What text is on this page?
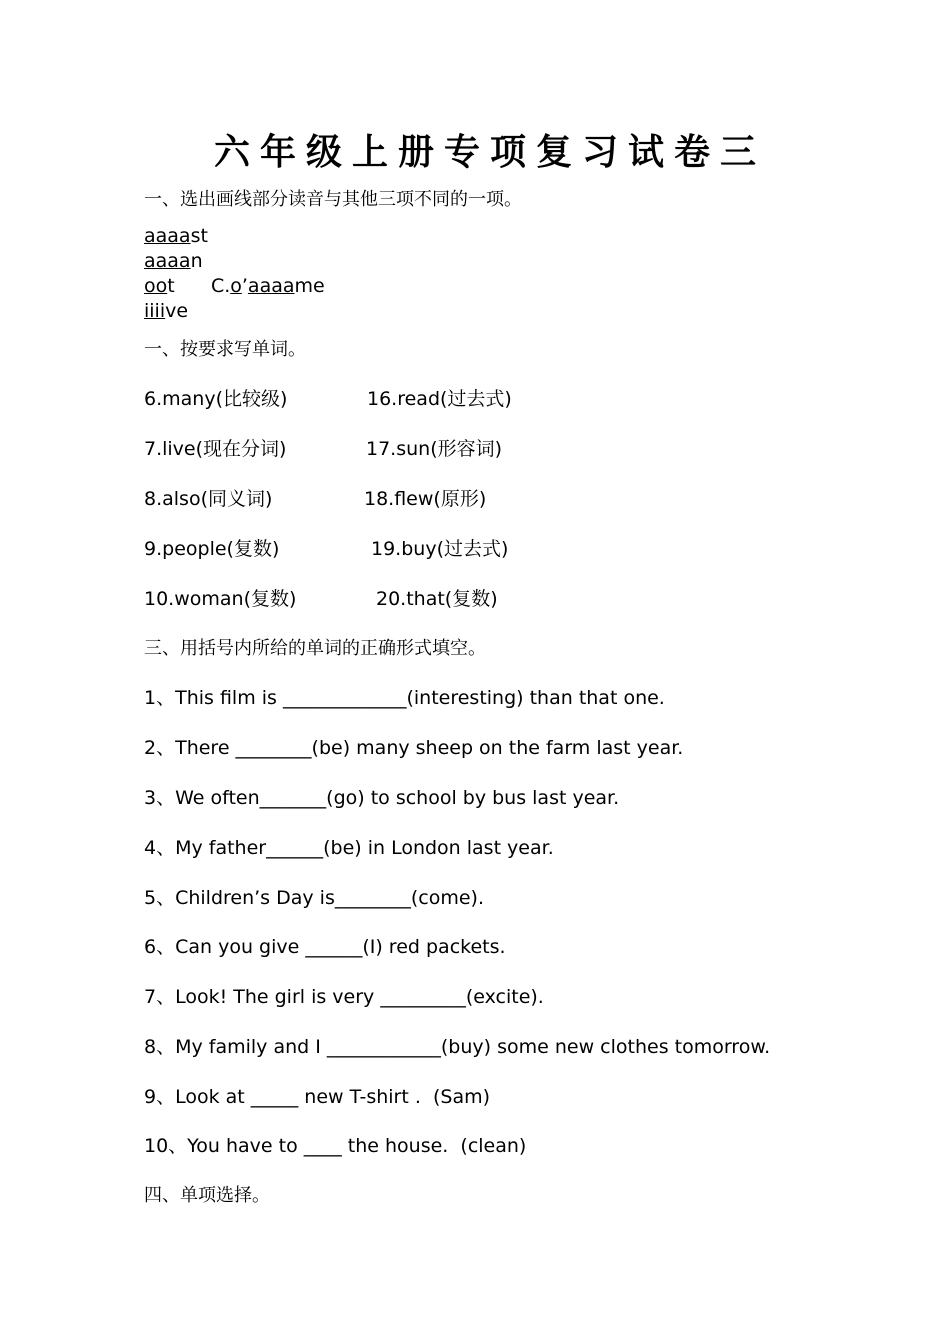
六年级上册专项复习试卷三
一、选出画线部分读音与其他三项不同的一项。
aaaast
aaaan
oot      C.o’aaaame
iiiive
一、按要求写单词。
6.many(比较级)	16.read(过去式)
7.live(现在分词)	17.sun(形容词)
8.also(同义词)	18.flew(原形)
9.people(复数)	19.buy(过去式)
10.woman(复数)	20.that(复数)
三、用括号内所给的单词的正确形式填空。
1、This film is _____________(interesting) than that one.
2、There ________(be) many sheep on the farm last year.
3、We often_______(go) to school by bus last year.
4、My father______(be) in London last year.
5、Children’s Day is________(come).
6、Can you give ______(I) red packets.
7、Look! The girl is very _________(excite).
8、My family and I ____________(buy) some new clothes tomorrow.
9、Look at _____ new T-shirt .  (Sam)
10、You have to ____ the house.  (clean)
四、单项选择。
